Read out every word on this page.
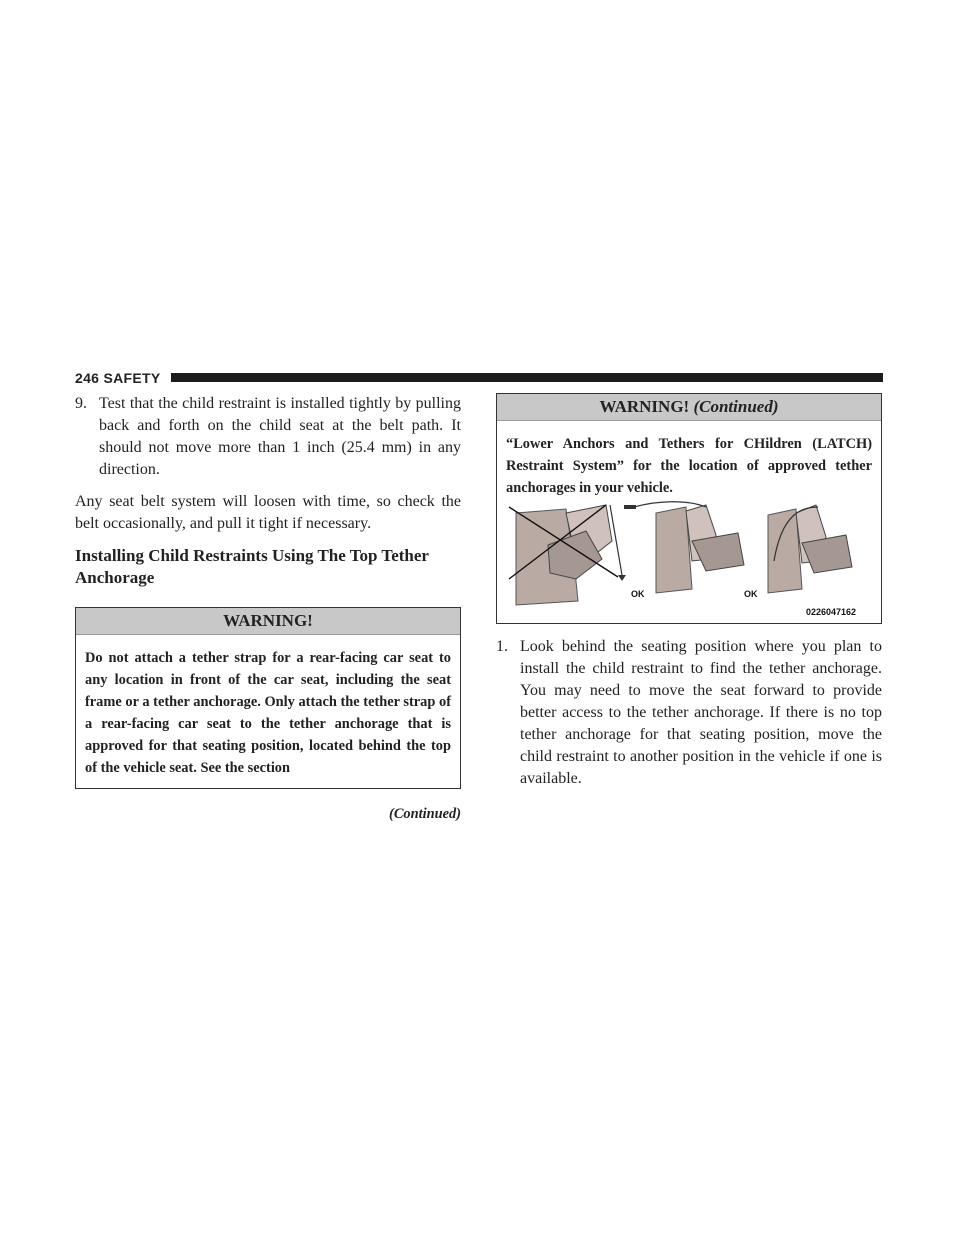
246 SAFETY
9. Test that the child restraint is installed tightly by pulling back and forth on the child seat at the belt path. It should not move more than 1 inch (25.4 mm) in any direction.

Any seat belt system will loosen with time, so check the belt occasionally, and pull it tight if necessary.

Installing Child Restraints Using The Top Tether Anchorage
WARNING!
Do not attach a tether strap for a rear-facing car seat to any location in front of the car seat, including the seat frame or a tether anchorage. Only attach the tether strap of a rear-facing car seat to the tether anchorage that is approved for that seating position, located behind the top of the vehicle seat. See the section
(Continued)
WARNING! (Continued)
“Lower Anchors and Tethers for CHildren (LATCH) Restraint System” for the location of approved tether anchorages in your vehicle.
OK	OK
0226047162
1. Look behind the seating position where you plan to install the child restraint to find the tether anchorage. You may need to move the seat forward to provide better access to the tether anchorage. If there is no top tether anchorage for that seating position, move the child restraint to another position in the vehicle if one is available.
